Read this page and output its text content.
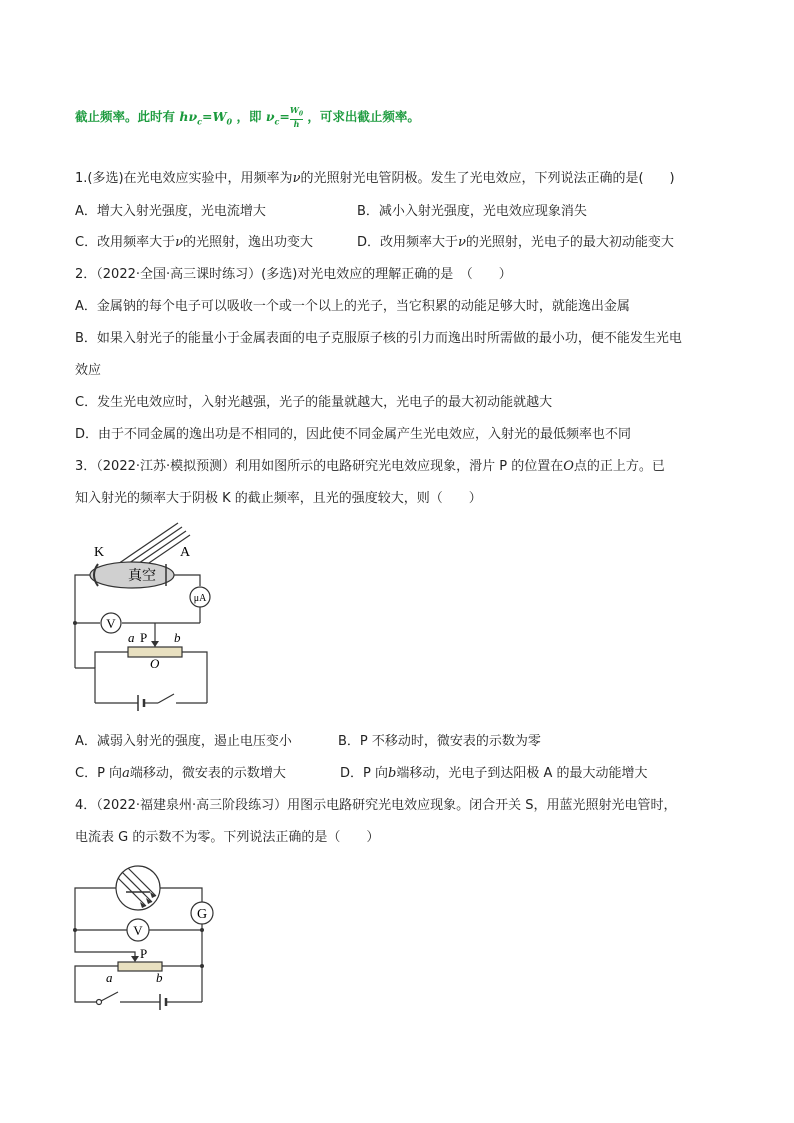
截止频率。此时有 $h\nu_c=W_0$ ，即 $\nu_c= \frac{W_0}{h}$ ，可求出截止频率。
1.(多选)在光电效应实验中，用频率为ν的光照射光电管阴极。发生了光电效应，下列说法正确的是(　　)
A．增大入射光强度，光电流增大	B．减小入射光强度，光电效应现象消失
C．改用频率大于ν的光照射，逸出功变大	D．改用频率大于ν的光照射，光电子的最大初动能变大
2．（2022·全国·高三课时练习）(多选)对光电效应的理解正确的是　（　　）
A．金属钠的每个电子可以吸收一个或一个以上的光子，当它积累的动能足够大时，就能逸出金属
B．如果入射光子的能量小于金属表面的电子克服原子核的引力而逸出时所需做的最小功，便不能发生光电
效应
C．发生光电效应时，入射光越强，光子的能量就越大，光电子的最大初动能就越大
D．由于不同金属的逸出功是不相同的，因此使不同金属产生光电效应，入射光的最低频率也不同
3．（2022·江苏·模拟预测）利用如图所示的电路研究光电效应现象，滑片 P 的位置在O点的正上方。已
知入射光的频率大于阴极 K 的截止频率，且光的强度较大，则（　　）
K	A
真空
μA
V
a P b
O
A．减弱入射光的强度，遏止电压变小	B．P 不移动时，微安表的示数为零
C．P 向a端移动，微安表的示数增大	D．P 向b端移动，光电子到达阳极 A 的最大动能增大
4．（2022·福建泉州·高三阶段练习）用图示电路研究光电效应现象。闭合开关 S，用蓝光照射光电管时，
电流表 G 的示数不为零。下列说法正确的是（　　）
G
V
P
a	b
